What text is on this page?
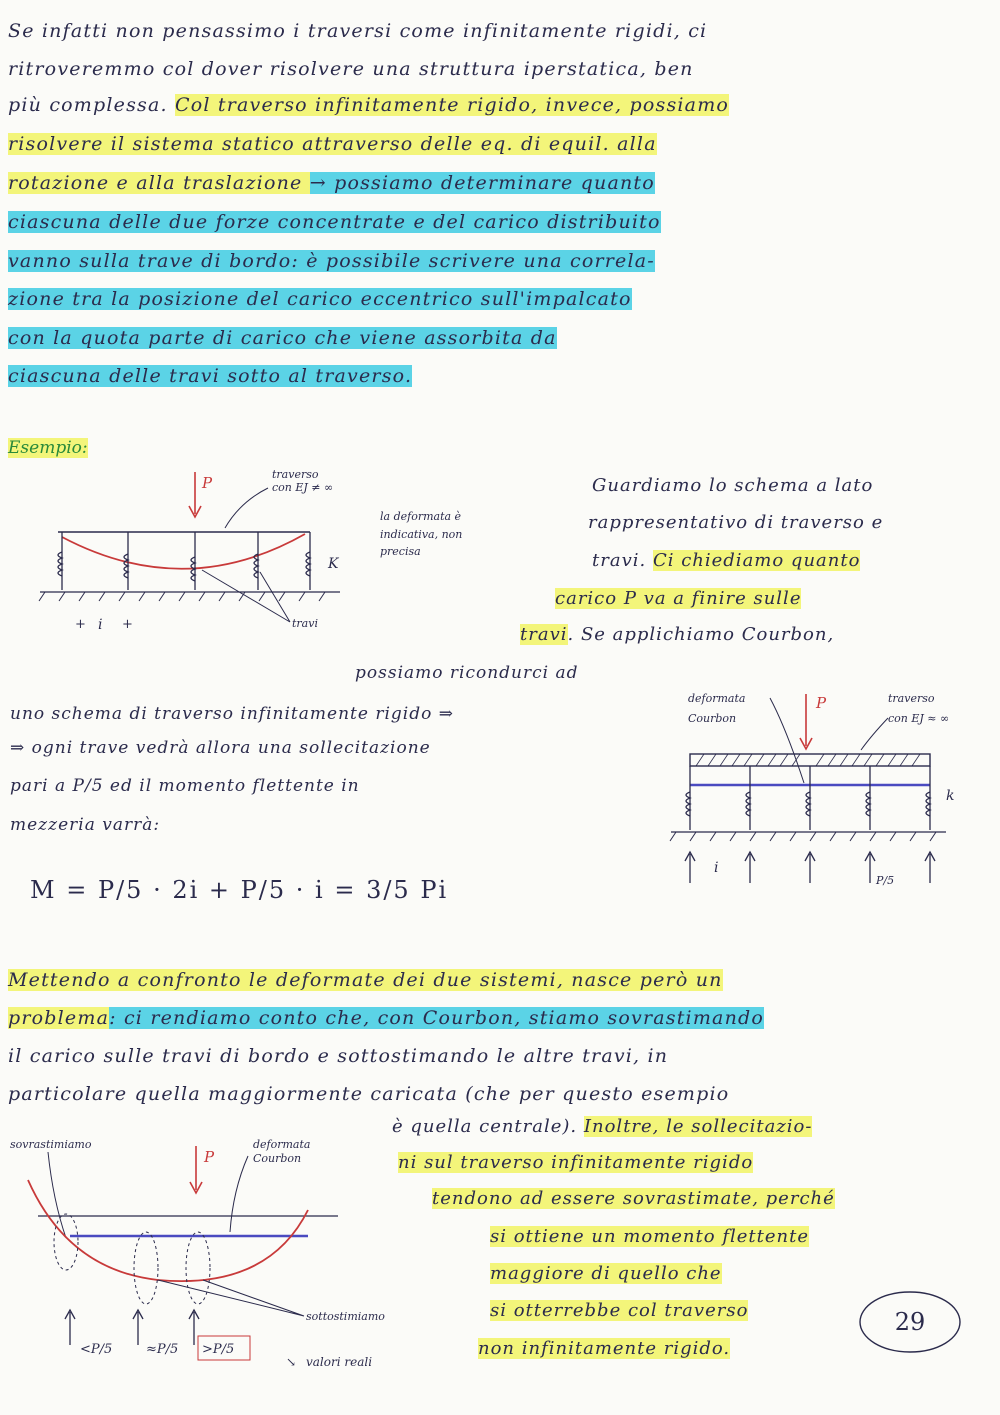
Se infatti non pensassimo i traversi come infinitamente rigidi, ci
ritroveremmo col dover risolvere una struttura iperstatica, ben
più complessa. Col traverso infinitamente rigido, invece, possiamo
risolvere il sistema statico attraverso delle eq. di equil. alla
rotazione e alla traslazione → possiamo determinare quanto
ciascuna delle due forze concentrate e del carico distribuito
vanno sulla trave di bordo: è possibile scrivere una correla-
zione tra la posizione del carico eccentrico sull'impalcato
con la quota parte di carico che viene assorbita da
ciascuna delle travi sotto al traverso.
Esempio:
P	traverso
con EJ ≠ ∞
K
i
+	+	travi
la deformata è
indicativa, non
precisa
Guardiamo lo schema a lato
rappresentativo di traverso e
travi. Ci chiediamo quanto
carico P va a finire sulle
travi. Se applichiamo Courbon,
possiamo ricondurci ad
uno schema di traverso infinitamente rigido ⇒
⇒ ogni trave vedrà allora una sollecitazione
pari a P/5 ed il momento flettente in
mezzeria varrà:
M = P/5 · 2i + P/5 · i = 3/5 Pi
deformata
Courbon
P	traverso
con EJ ≈ ∞
k
i
P/5
Mettendo a confronto le deformate dei due sistemi, nasce però un
problema: ci rendiamo conto che, con Courbon, stiamo sovrastimando
il carico sulle travi di bordo e sottostimando le altre travi, in
particolare quella maggiormente caricata (che per questo esempio
è quella centrale). Inoltre, le sollecitazio-
ni sul traverso infinitamente rigido
tendono ad essere sovrastimate, perché
si ottiene un momento flettente
maggiore di quello che
si otterrebbe col traverso
non infinitamente rigido.
sovrastimiamo	deformata
Courbon
P
sottostimiamo
<P/5	≈P/5 >P/5
valori reali
↘
29
